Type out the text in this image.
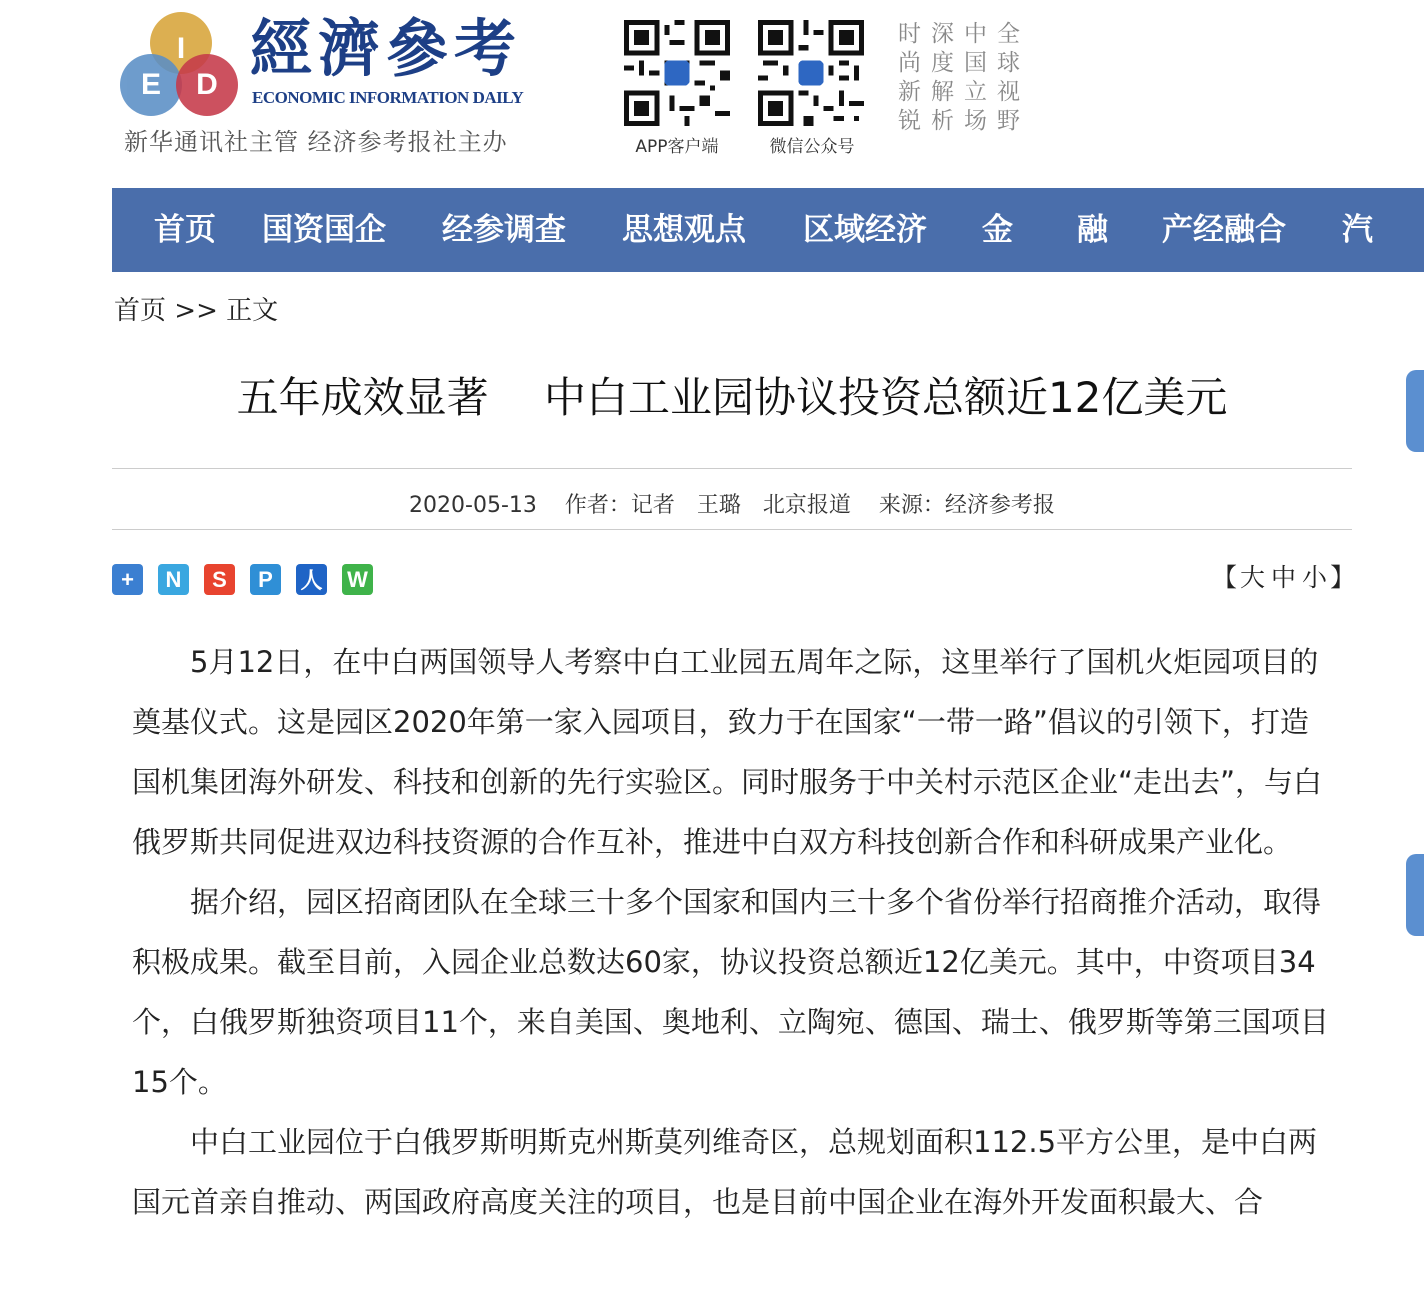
I
E D 經濟參考
ECONOMIC INFORMATION DAILY
新华通讯社主管 经济参考报社主办	APP客户端	微信公众号
时深中全
尚度国球
新解立视
锐析场野
首页 国资国企 经参调查 思想观点 区域经济 金 融 产经融合 汽
首页 >> 正文
五年成效显著　 中白工业园协议投资总额近12亿美元
2020-05-13 作者：记者　王璐　北京报道 来源：经济参考报
+	N	S	P	人 W	【 大 中 小 】

5月12日，在中白两国领导人考察中白工业园五周年之际，这里举行了国机火炬园项目的奠基仪式。这是园区2020年第一家入园项目，致力于在国家“一带一路”倡议的引领下，打造国机集团海外研发、科技和创新的先行实验区。同时服务于中关村示范区企业“走出去”，与白俄罗斯共同促进双边科技资源的合作互补，推进中白双方科技创新合作和科研成果产业化。

据介绍，园区招商团队在全球三十多个国家和国内三十多个省份举行招商推介活动，取得积极成果。截至目前，入园企业总数达60家，协议投资总额近12亿美元。其中，中资项目34个，白俄罗斯独资项目11个，来自美国、奥地利、立陶宛、德国、瑞士、俄罗斯等第三国项目15个。

中白工业园位于白俄罗斯明斯克州斯莫列维奇区，总规划面积112.5平方公里，是中白两国元首亲自推动、两国政府高度关注的项目，也是目前中国企业在海外开发面积最大、合
